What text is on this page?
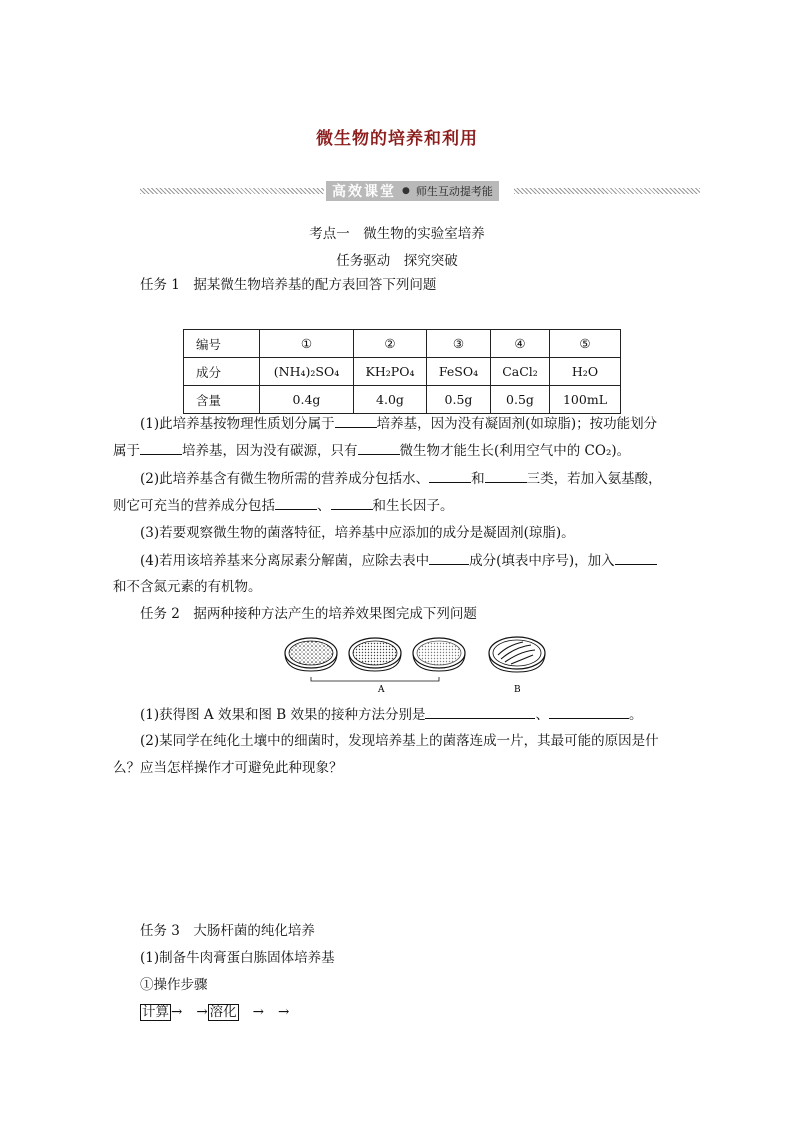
微生物的培养和利用
高效课堂 ● 师生互动提考能
考点一　微生物的实验室培养
任务驱动　探究突破
任务 1　据某微生物培养基的配方表回答下列问题
编号	①	②	③	④	⑤
成分	(NH₄)₂SO₄	KH₂PO₄	FeSO₄	CaCl₂	H₂O
含量	0.4g	4.0g	0.5g	0.5g	100mL
(1)此培养基按物理性质划分属于	培养基，因为没有凝固剂(如琼脂)；按功能划分
属于	培养基，因为没有碳源，只有	微生物才能生长(利用空气中的 CO₂)。
(2)此培养基含有微生物所需的营养成分包括水、	和	三类，若加入氨基酸，
则它可充当的营养成分包括	、	和生长因子。
(3)若要观察微生物的菌落特征，培养基中应添加的成分是凝固剂(琼脂)。
(4)若用该培养基来分离尿素分解菌，应除去表中	成分(填表中序号)，加入
和不含氮元素的有机物。
任务 2　据两种接种方法产生的培养效果图完成下列问题
A	B
(1)获得图 A 效果和图 B 效果的接种方法分别是	、	。
(2)某同学在纯化土壤中的细菌时，发现培养基上的菌落连成一片，其最可能的原因是什
么？应当怎样操作才可避免此种现象？
任务 3　大肠杆菌的纯化培养
(1)制备牛肉膏蛋白胨固体培养基
①操作步骤
计算 → → 溶化 → →
